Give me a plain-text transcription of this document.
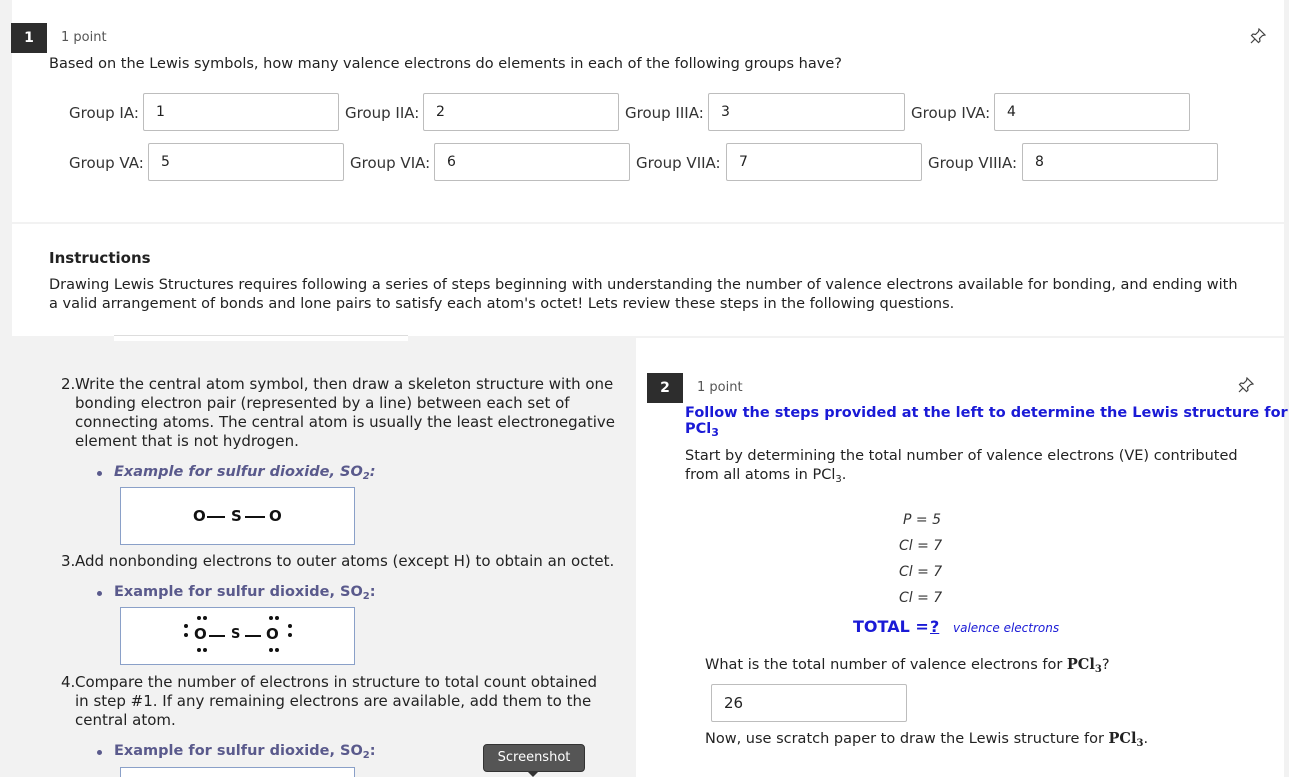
1	1 point
Based on the Lewis symbols, how many valence electrons do elements in each of the following groups have?
Group IA:	1	Group IIA:	2	Group IIIA:	3	Group IVA:	4
Group VA:	5	Group VIA:	6	Group VIIA:	7	Group VIIIA:	8
Instructions
Drawing Lewis Structures requires following a series of steps beginning with understanding the number of valence electrons available for bonding, and ending with a valid arrangement of bonds and lone pairs to satisfy each atom's octet! Lets review these steps in the following questions.
2. Write the central atom symbol, then draw a skeleton structure with one
bonding electron pair (represented by a line) between each set of
connecting atoms. The central atom is usually the least electronegative
element that is not hydrogen.
Example for sulfur dioxide, $SO_2$:
O S O
3. Add nonbonding electrons to outer atoms (except H) to obtain an octet.
Example for sulfur dioxide, $SO_2$:
O S O
4. Compare the number of electrons in structure to total count obtained
in step #1. If any remaining electrons are available, add them to the
central atom.
Example for sulfur dioxide, $SO_2$:	Screenshot
2	1 point
Follow the steps provided at the left to determine the Lewis structure for PCl$_3$
Start by determining the total number of valence electrons (VE) contributed from all atoms in PCl$_3$.
P = 5
Cl = 7
Cl = 7
Cl = 7
TOTAL = ? valence electrons
What is the total number of valence electrons for PCl$_3$?
26
Now, use scratch paper to draw the Lewis structure for PCl$_3$.
